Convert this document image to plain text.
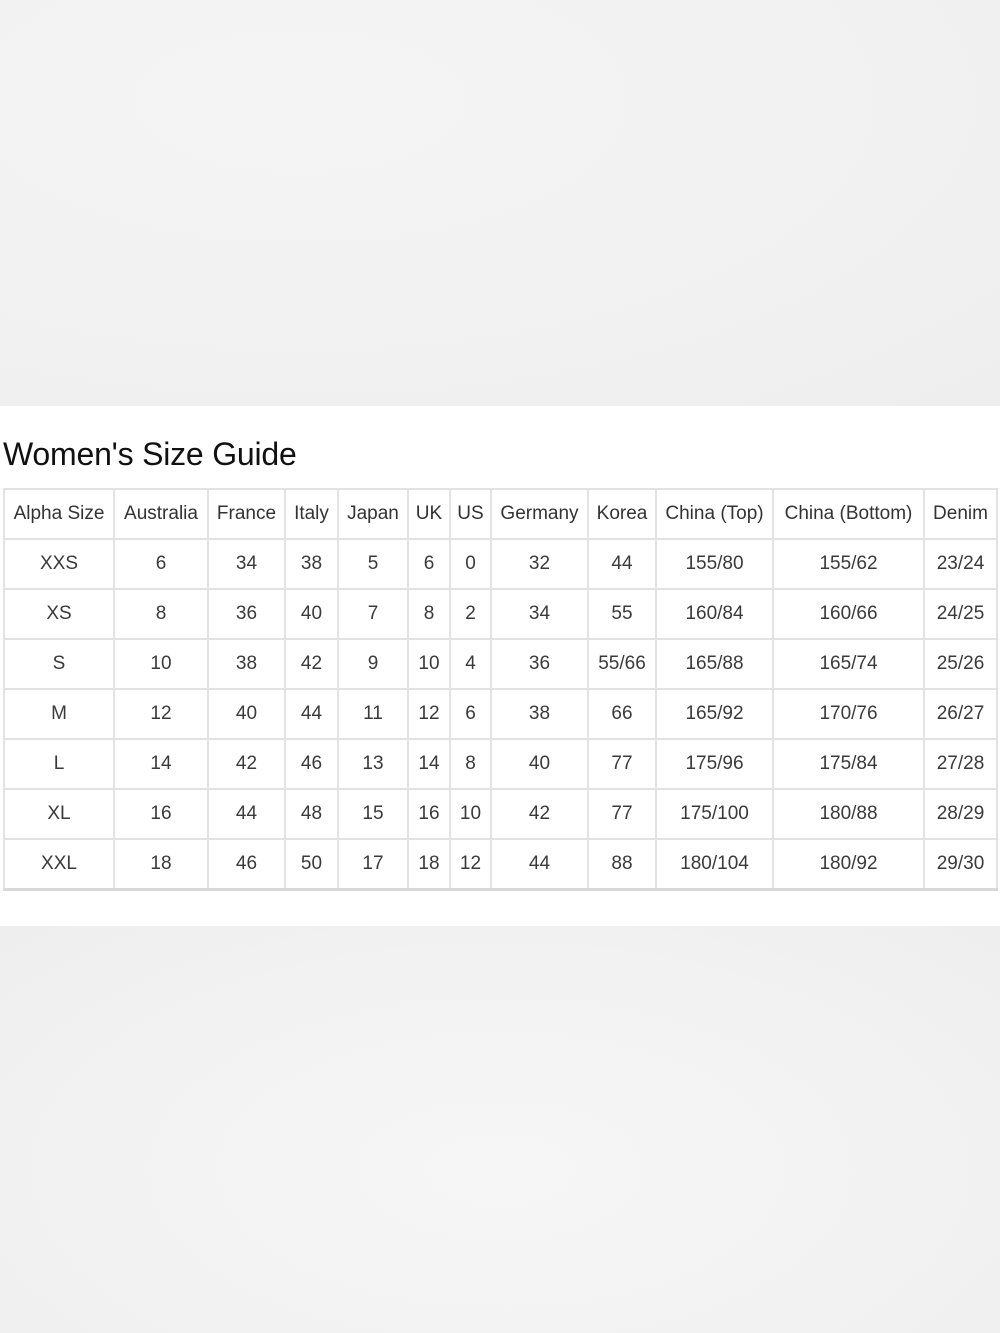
Women's Size Guide
Alpha Size	Australia	France	Italy	Japan	UK	US	Germany	Korea	China (Top)	China (Bottom)	Denim
XXS	6	34	38	5	6	0	32	44	155/80	155/62	23/24
XS	8	36	40	7	8	2	34	55	160/84	160/66	24/25
S	10	38	42	9	10	4	36	55/66	165/88	165/74	25/26
M	12	40	44	11	12	6	38	66	165/92	170/76	26/27
L	14	42	46	13	14	8	40	77	175/96	175/84	27/28
XL	16	44	48	15	16	10	42	77	175/100	180/88	28/29
XXL	18	46	50	17	18	12	44	88	180/104	180/92	29/30
